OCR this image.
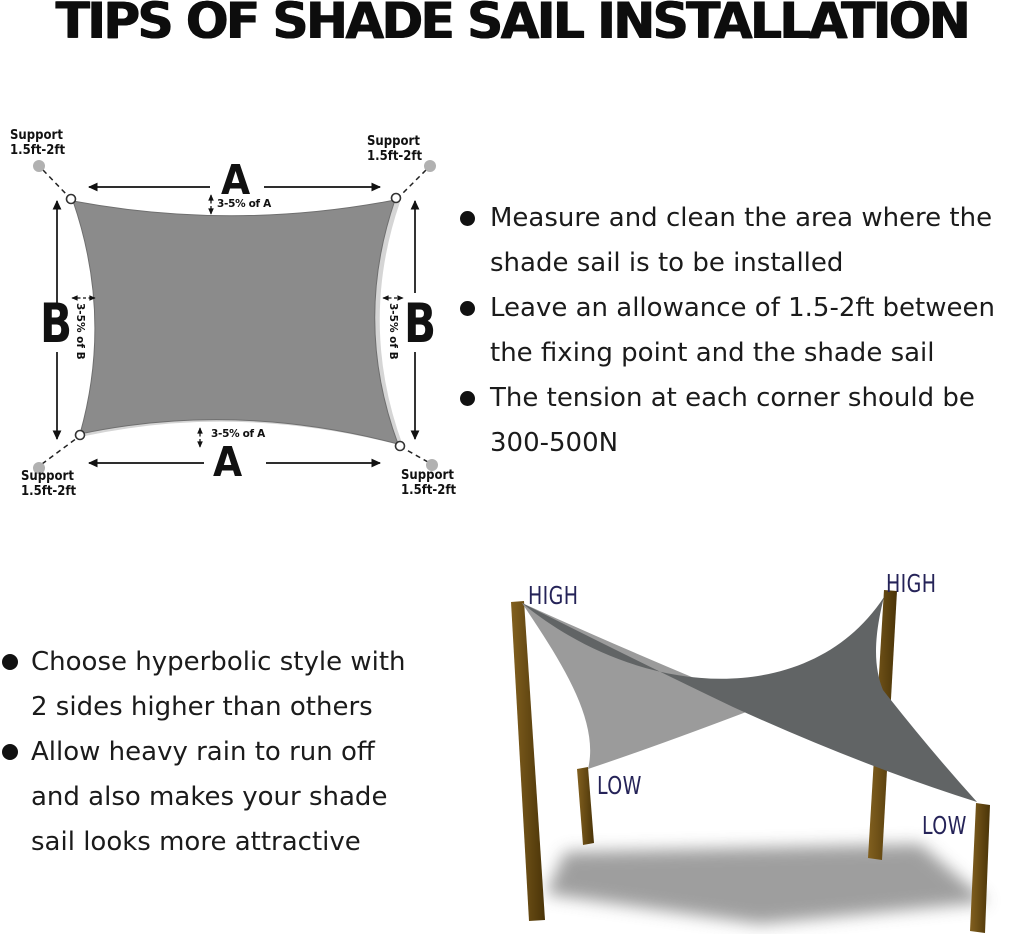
TIPS OF SHADE SAIL INSTALLATION
Support
1.5ft-2ft
Support
1.5ft-2ft
Support
1.5ft-2ft
Support
1.5ft-2ft
A
A
B	B
3-5% of A
3-5% of A
3-5% of B	3-5% of B
Measure and clean the area where the
shade sail is to be installed
Leave an allowance of 1.5-2ft between
the fixing point and the shade sail
The tension at each corner should be
300-500N
Choose hyperbolic style with
2 sides higher than others
Allow heavy rain to run off
and also makes your shade
sail looks more attractive
HIGH	HIGH
LOW
LOW
